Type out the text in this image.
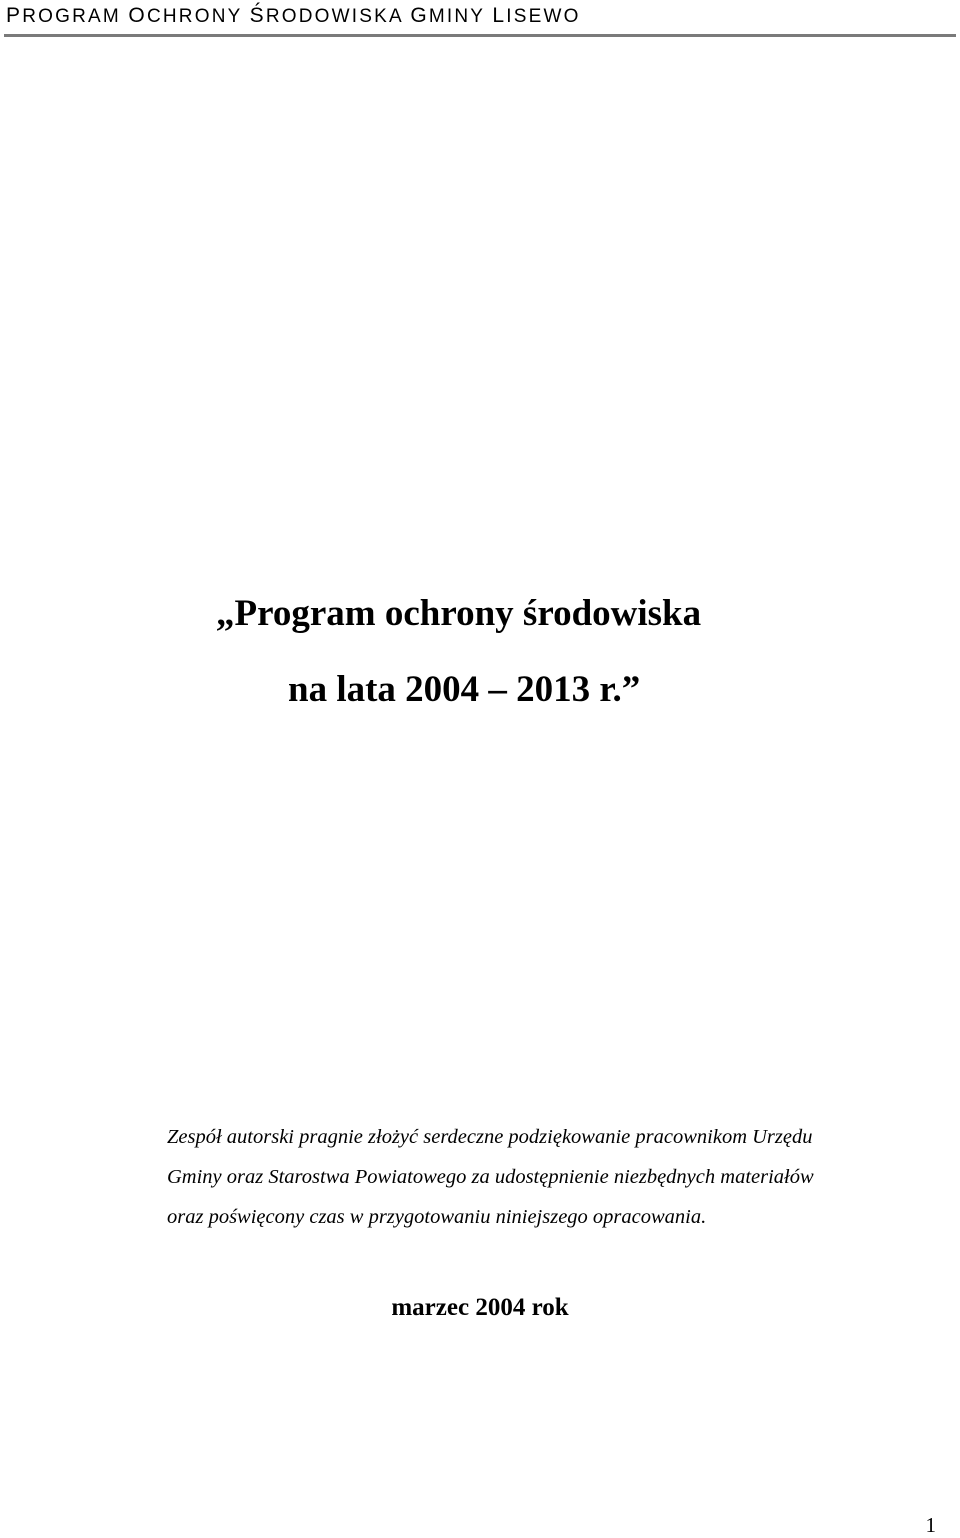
PROGRAM OCHRONY ŚRODOWISKA GMINY LISEWO
„Program ochrony środowiska
na lata 2004 – 2013 r.”
Zespół autorski pragnie złożyć serdeczne podziękowanie pracownikom Urzędu
Gminy oraz Starostwa Powiatowego za udostępnienie niezbędnych materiałów
oraz poświęcony czas w przygotowaniu niniejszego opracowania.
marzec 2004 rok
1
